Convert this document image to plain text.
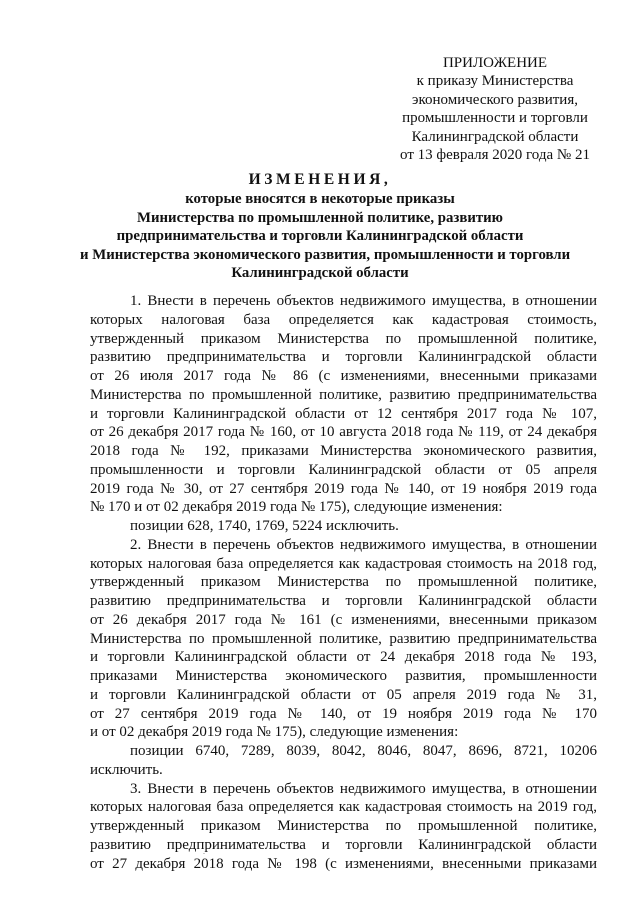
ПРИЛОЖЕНИЕ
к приказу Министерства
экономического развития,
промышленности и торговли
Калининградской области
от 13 февраля 2020 года № 21
ИЗМЕНЕНИЯ,
которые вносятся в некоторые приказы
Министерства по промышленной политике, развитию
предпринимательства и торговли Калининградской области
и Министерства экономического развития, промышленности и торговли
Калининградской области
1. Внести в перечень объектов недвижимого имущества, в отношении
которых налоговая база определяется как кадастровая стоимость,
утвержденный приказом Министерства по промышленной политике,
развитию предпринимательства и торговли Калининградской области
от 26 июля 2017 года № 86 (с изменениями, внесенными приказами
Министерства по промышленной политике, развитию предпринимательства
и торговли Калининградской области от 12 сентября 2017 года № 107,
от 26 декабря 2017 года № 160, от 10 августа 2018 года № 119, от 24 декабря
2018 года № 192, приказами Министерства экономического развития,
промышленности и торговли Калининградской области от 05 апреля
2019 года № 30, от 27 сентября 2019 года № 140, от 19 ноября 2019 года
№ 170 и от 02 декабря 2019 года № 175), следующие изменения:
позиции 628, 1740, 1769, 5224 исключить.
2. Внести в перечень объектов недвижимого имущества, в отношении
которых налоговая база определяется как кадастровая стоимость на 2018 год,
утвержденный приказом Министерства по промышленной политике,
развитию предпринимательства и торговли Калининградской области
от 26 декабря 2017 года № 161 (с изменениями, внесенными приказом
Министерства по промышленной политике, развитию предпринимательства
и торговли Калининградской области от 24 декабря 2018 года № 193,
приказами Министерства экономического развития, промышленности
и торговли Калининградской области от 05 апреля 2019 года № 31,
от 27 сентября 2019 года № 140, от 19 ноября 2019 года № 170
и от 02 декабря 2019 года № 175), следующие изменения:
позиции 6740, 7289, 8039, 8042, 8046, 8047, 8696, 8721, 10206
исключить.
3. Внести в перечень объектов недвижимого имущества, в отношении
которых налоговая база определяется как кадастровая стоимость на 2019 год,
утвержденный приказом Министерства по промышленной политике,
развитию предпринимательства и торговли Калининградской области
от 27 декабря 2018 года № 198 (с изменениями, внесенными приказами
